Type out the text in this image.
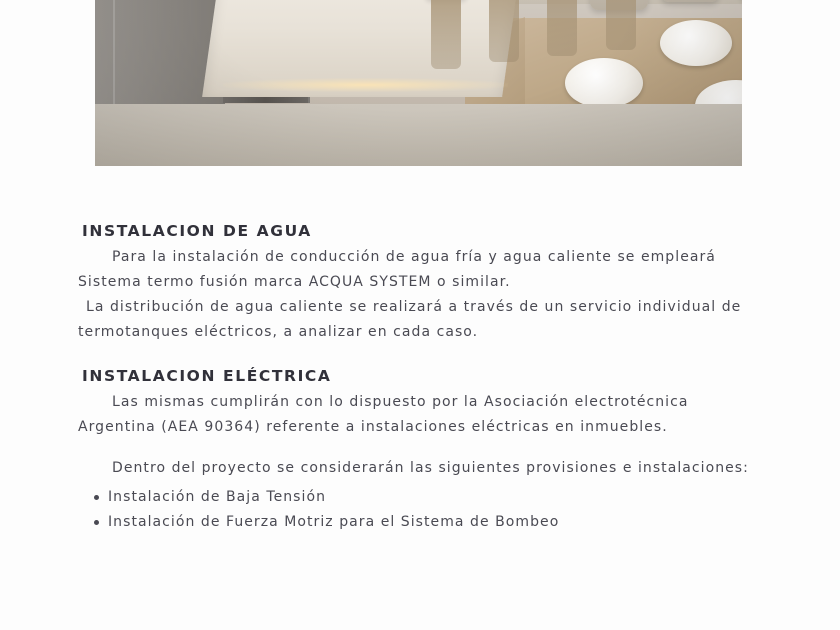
INSTALACION DE AGUA

Para la instalación de conducción de agua fría y agua caliente se empleará Sistema termo fusión marca ACQUA SYSTEM o similar.

La distribución de agua caliente se realizará a través de un servicio individual de termotanques eléctricos, a analizar en cada caso.

INSTALACION ELÉCTRICA

Las mismas cumplirán con lo dispuesto por la Asociación electrotécnica Argentina (AEA 90364) referente a instalaciones eléctricas en inmuebles.

Dentro del proyecto se considerarán las siguientes provisiones e instalaciones:

Instalación de Baja Tensión
Instalación de Fuerza Motriz para el Sistema de Bombeo
